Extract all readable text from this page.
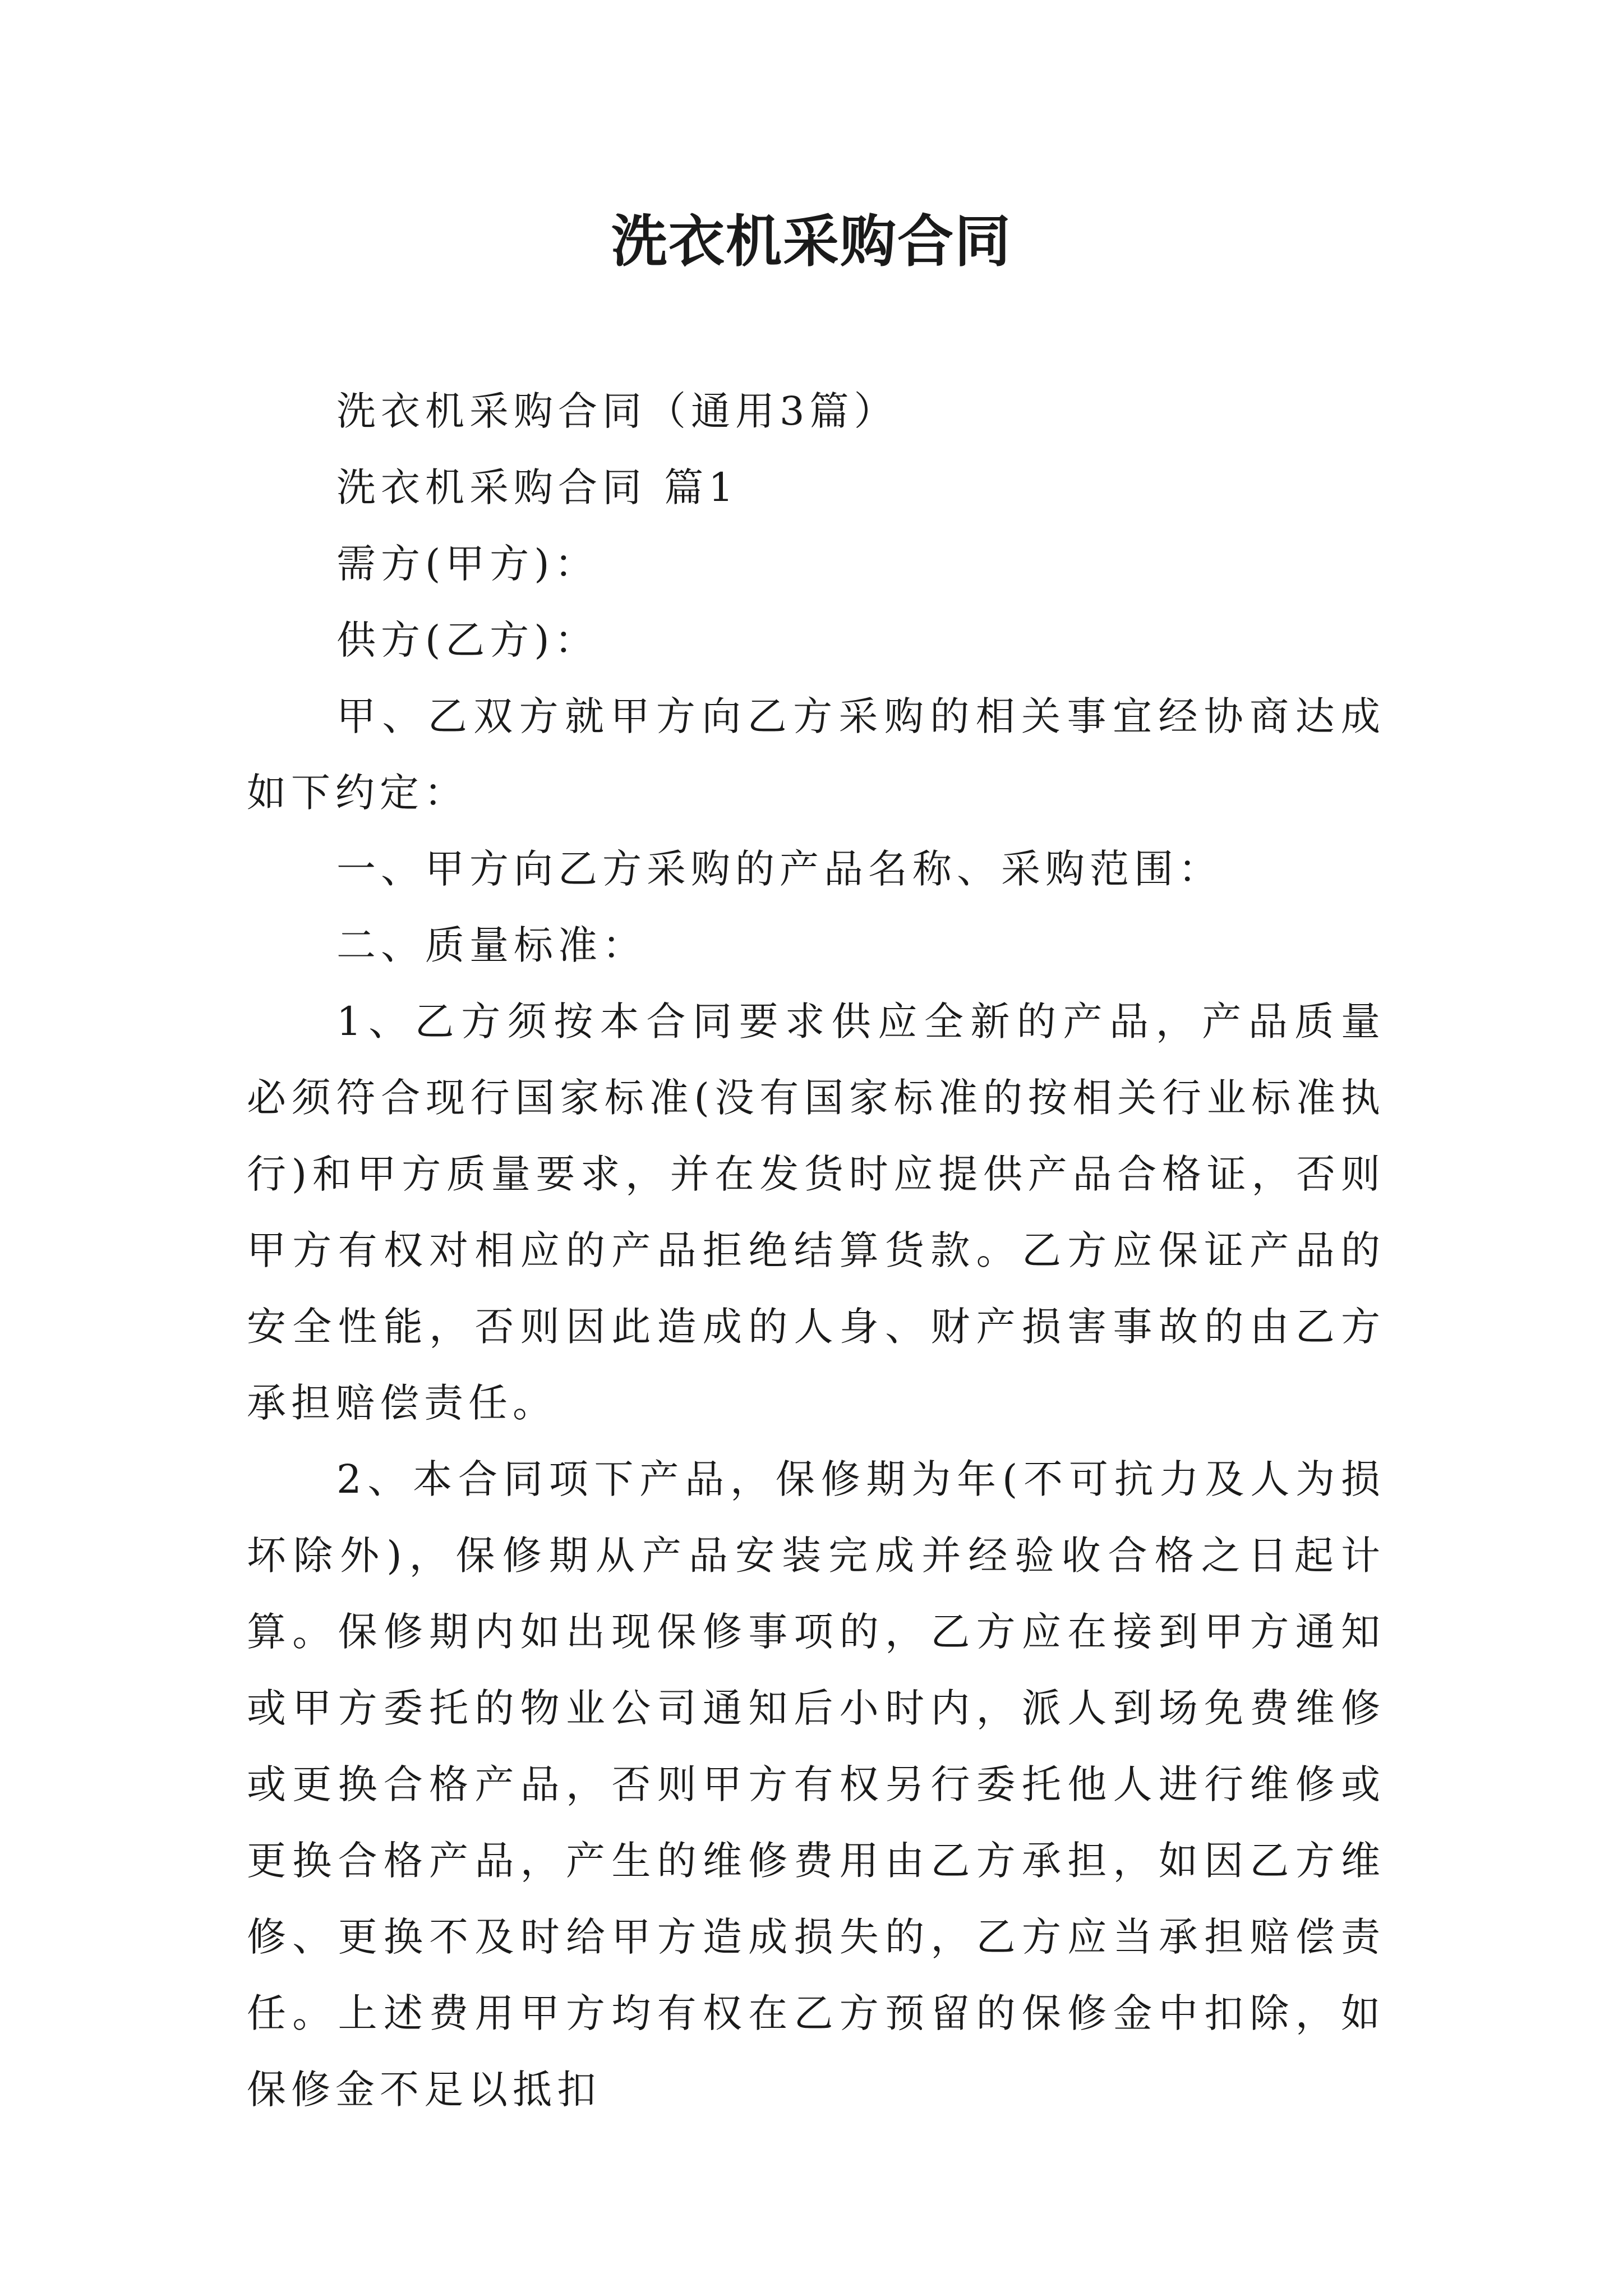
洗衣机采购合同

洗衣机采购合同（通用3篇）

洗衣机采购合同 篇1

需方(甲方)：

供方(乙方)：

甲、乙双方就甲方向乙方采购的相关事宜经协商达成如下约定：

一、甲方向乙方采购的产品名称、采购范围：

二、质量标准：

1、乙方须按本合同要求供应全新的产品，产品质量必须符合现行国家标准(没有国家标准的按相关行业标准执行)和甲方质量要求，并在发货时应提供产品合格证，否则甲方有权对相应的产品拒绝结算货款。乙方应保证产品的安全性能，否则因此造成的人身、财产损害事故的由乙方承担赔偿责任。

2、本合同项下产品，保修期为年(不可抗力及人为损坏除外)，保修期从产品安装完成并经验收合格之日起计算。保修期内如出现保修事项的，乙方应在接到甲方通知或甲方委托的物业公司通知后小时内，派人到场免费维修或更换合格产品，否则甲方有权另行委托他人进行维修或更换合格产品，产生的维修费用由乙方承担，如因乙方维修、更换不及时给甲方造成损失的，乙方应当承担赔偿责任。上述费用甲方均有权在乙方预留的保修金中扣除，如保修金不足以抵扣
